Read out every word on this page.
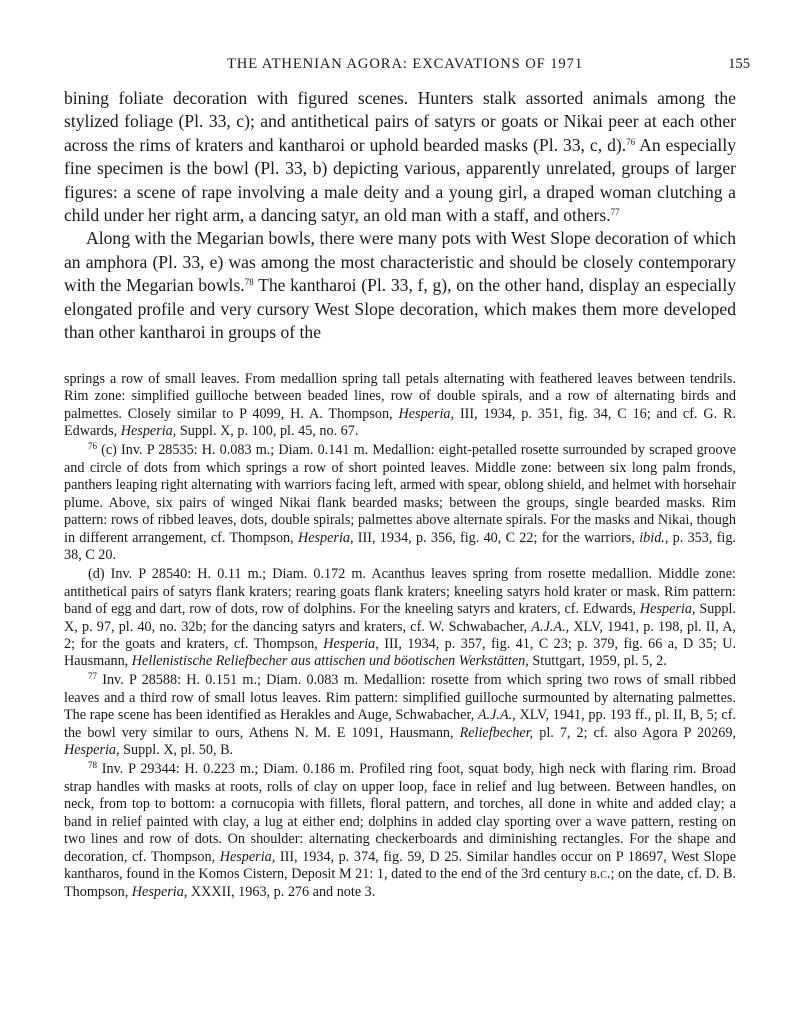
THE ATHENIAN AGORA: EXCAVATIONS OF 1971	155

bining foliate decoration with figured scenes. Hunters stalk assorted animals among the stylized foliage (Pl. 33, c); and antithetical pairs of satyrs or goats or Nikai peer at each other across the rims of kraters and kantharoi or uphold bearded masks (Pl. 33, c, d).$^{76}$ An especially fine specimen is the bowl (Pl. 33, b) depicting various, apparently unrelated, groups of larger figures: a scene of rape involving a male deity and a young girl, a draped woman clutching a child under her right arm, a dancing satyr, an old man with a staff, and others.$^{77}$

Along with the Megarian bowls, there were many pots with West Slope decoration of which an amphora (Pl. 33, e) was among the most characteristic and should be closely contemporary with the Megarian bowls.$^{78}$ The kantharoi (Pl. 33, f, g), on the other hand, display an especially elongated profile and very cursory West Slope decoration, which makes them more developed than other kantharoi in groups of the

springs a row of small leaves. From medallion spring tall petals alternating with feathered leaves between tendrils. Rim zone: simplified guilloche between beaded lines, row of double spirals, and a row of alternating birds and palmettes. Closely similar to P 4099, H. A. Thompson, Hesperia, III, 1934, p. 351, fig. 34, C 16; and cf. G. R. Edwards, Hesperia, Suppl. X, p. 100, pl. 45, no. 67.

$^{76}$ (c) Inv. P 28535: H. 0.083 m.; Diam. 0.141 m. Medallion: eight-petalled rosette surrounded by scraped groove and circle of dots from which springs a row of short pointed leaves. Middle zone: between six long palm fronds, panthers leaping right alternating with warriors facing left, armed with spear, oblong shield, and helmet with horsehair plume. Above, six pairs of winged Nikai flank bearded masks; between the groups, single bearded masks. Rim pattern: rows of ribbed leaves, dots, double spirals; palmettes above alternate spirals. For the masks and Nikai, though in different arrangement, cf. Thompson, Hesperia, III, 1934, p. 356, fig. 40, C 22; for the warriors, ibid., p. 353, fig. 38, C 20.

(d) Inv. P 28540: H. 0.11 m.; Diam. 0.172 m. Acanthus leaves spring from rosette medallion. Middle zone: antithetical pairs of satyrs flank kraters; rearing goats flank kraters; kneeling satyrs hold krater or mask. Rim pattern: band of egg and dart, row of dots, row of dolphins. For the kneeling satyrs and kraters, cf. Edwards, Hesperia, Suppl. X, p. 97, pl. 40, no. 32b; for the dancing satyrs and kraters, cf. W. Schwabacher, A.J.A., XLV, 1941, p. 198, pl. II, A, 2; for the goats and kraters, cf. Thompson, Hesperia, III, 1934, p. 357, fig. 41, C 23; p. 379, fig. 66 a, D 35; U. Hausmann, Hellenistische Reliefbecher aus attischen und böotischen Werkstätten, Stuttgart, 1959, pl. 5, 2.

$^{77}$ Inv. P 28588: H. 0.151 m.; Diam. 0.083 m. Medallion: rosette from which spring two rows of small ribbed leaves and a third row of small lotus leaves. Rim pattern: simplified guilloche surmounted by alternating palmettes. The rape scene has been identified as Herakles and Auge, Schwabacher, A.J.A., XLV, 1941, pp. 193 ff., pl. II, B, 5; cf. the bowl very similar to ours, Athens N. M. E 1091, Hausmann, Reliefbecher, pl. 7, 2; cf. also Agora P 20269, Hesperia, Suppl. X, pl. 50, B.

$^{78}$ Inv. P 29344: H. 0.223 m.; Diam. 0.186 m. Profiled ring foot, squat body, high neck with flaring rim. Broad strap handles with masks at roots, rolls of clay on upper loop, face in relief and lug between. Between handles, on neck, from top to bottom: a cornucopia with fillets, floral pattern, and torches, all done in white and added clay; a band in relief painted with clay, a lug at either end; dolphins in added clay sporting over a wave pattern, resting on two lines and row of dots. On shoulder: alternating checkerboards and diminishing rectangles. For the shape and decoration, cf. Thompson, Hesperia, III, 1934, p. 374, fig. 59, D 25. Similar handles occur on P 18697, West Slope kantharos, found in the Komos Cistern, Deposit M 21: 1, dated to the end of the 3rd century b.c.; on the date, cf. D. B. Thompson, Hesperia, XXXII, 1963, p. 276 and note 3.
